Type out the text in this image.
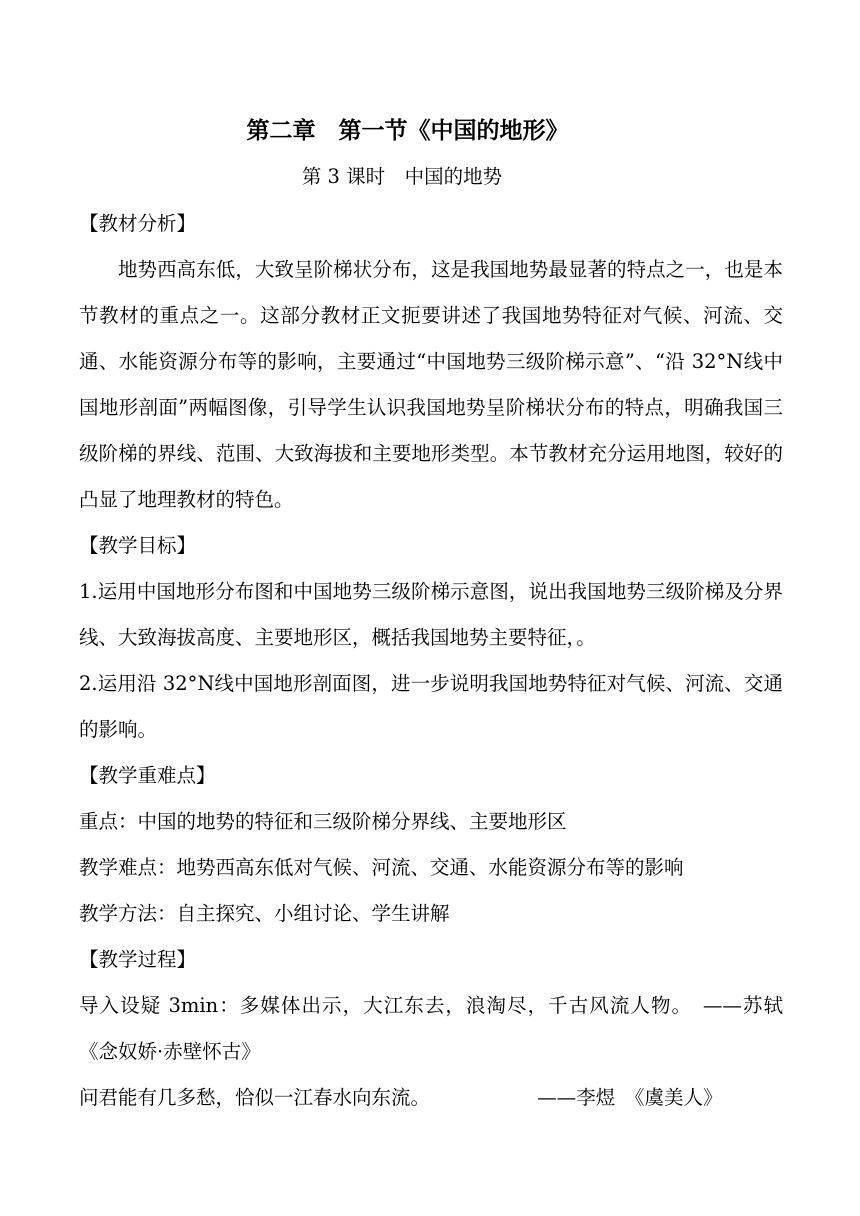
第二章　第一节《中国的地形》

第 3 课时　中国的地势

【教材分析】

地势西高东低，大致呈阶梯状分布，这是我国地势最显著的特点之一，也是本节教材的重点之一。这部分教材正文扼要讲述了我国地势特征对气候、河流、交通、水能资源分布等的影响，主要通过“中国地势三级阶梯示意”、“沿 32°N线中国地形剖面”两幅图像，引导学生认识我国地势呈阶梯状分布的特点，明确我国三级阶梯的界线、范围、大致海拔和主要地形类型。本节教材充分运用地图，较好的凸显了地理教材的特色。

【教学目标】

1.运用中国地形分布图和中国地势三级阶梯示意图，说出我国地势三级阶梯及分界线、大致海拔高度、主要地形区，概括我国地势主要特征，。

2.运用沿 32°N线中国地形剖面图，进一步说明我国地势特征对气候、河流、交通的影响。

【教学重难点】

重点：中国的地势的特征和三级阶梯分界线、主要地形区

教学难点：地势西高东低对气候、河流、交通、水能资源分布等的影响

教学方法：自主探究、小组讨论、学生讲解

【教学过程】

导入设疑 3min：多媒体出示，大江东去，浪淘尽，千古风流人物。　——苏轼《念奴娇·赤壁怀古》

问君能有几多愁，恰似一江春水向东流。　　　　　　——李煜　《虞美人》
